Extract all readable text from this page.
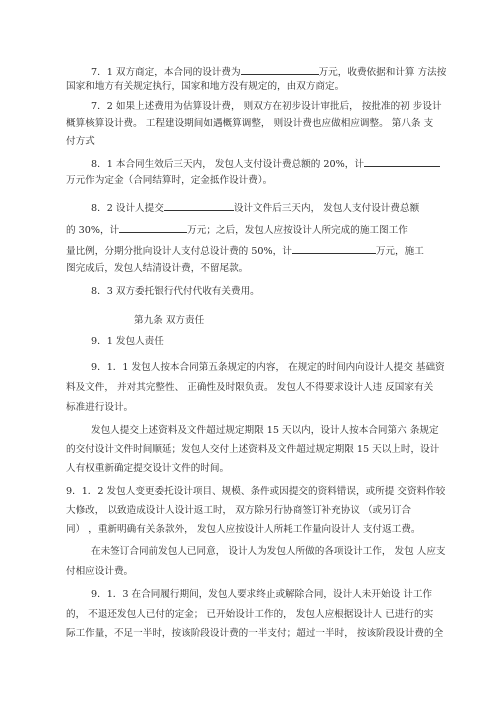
7．1 双方商定，本合同的设计费为	万元，收费依据和计算 方法按
国家和地方有关规定执行，国家和地方没有规定的，由双方商定。
7．2 如果上述费用为估算设计费， 则双方在初步设计审批后， 按批准的初 步设计
概算核算设计费。 工程建设期间如遇概算调整， 则设计费也应做相应调整。 第八条 支
付方式
8．1 本合同生效后三天内， 发包人支付设计费总额的 20%，计
万元作为定金（合同结算时，定金抵作设计费）。
8．2 设计人提交	设计文件后三天内， 发包人支付设计费总额
的 30%，计	万元；之后，发包人应按设计人所完成的施工图工作
量比例，分期分批向设计人支付总设计费的 50%，计	万元，施工
图完成后，发包人结清设计费，不留尾款。
8．3 双方委托银行代付代收有关费用。
第九条 双方责任
9．1 发包人责任
9．1．1 发包人按本合同第五条规定的内容， 在规定的时间内向设计人提交 基础资
料及文件， 并对其完整性、 正确性及时限负责。 发包人不得要求设计人违 反国家有关
标准进行设计。
发包人提交上述资料及文件超过规定期限 15 天以内，设计人按本合同第六 条规定
的交付设计文件时间顺延；发包人交付上述资料及文件超过规定期限 15 天以上时，设计
人有权重新确定提交设计文件的时间。
9．1．2 发包人变更委托设计项目、规模、条件或因提交的资料错误，或所提 交资料作较
大修改， 以致造成设计人设计返工时， 双方除另行协商签订补充协议 （或另订合
同） ，重新明确有关条款外， 发包人应按设计人所耗工作量向设计人 支付返工费。
在未签订合同前发包人已同意， 设计人为发包人所做的各项设计工作， 发包 人应支
付相应设计费。
9．1．3 在合同履行期间，发包人要求终止或解除合同，设计人未开始设 计工作
的， 不退还发包人已付的定金； 已开始设计工作的， 发包人应根据设计人 已进行的实
际工作量，不足一半时，按该阶段设计费的一半支付；超过一半时， 按该阶段设计费的全
